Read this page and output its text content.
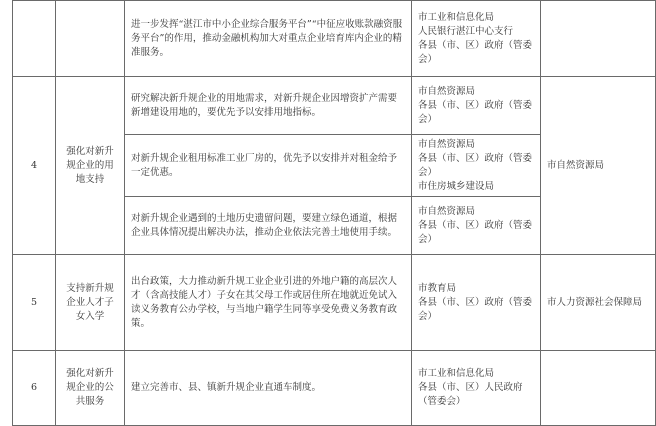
		进一步发挥“湛江市中小企业综合服务平台”“中征应收账款融资服务平台”的作用，推动金融机构加大对重点企业培育库内企业的精准服务。	市工业和信息化局
人民银行湛江中心支行
各县（市、区）政府（管委会）	
4	强化对新升规企业的用地支持	研究解决新升规企业的用地需求，对新升规企业因增资扩产需要新增建设用地的，要优先予以安排用地指标。	市自然资源局
各县（市、区）政府（管委会）	市自然资源局
		对新升规企业租用标准工业厂房的，优先予以安排并对租金给予一定优惠。	市自然资源局
各县（市、区）政府（管委会）
市住房城乡建设局	
		对新升规企业遇到的土地历史遗留问题，要建立绿色通道，根据企业具体情况提出解决办法，推动企业依法完善土地使用手续。	市自然资源局
各县（市、区）政府（管委会）	
5	支持新升规企业人才子女入学	出台政策，大力推动新升规工业企业引进的外地户籍的高层次人才（含高技能人才）子女在其父母工作或居住所在地就近免试入读义务教育公办学校，与当地户籍学生同等享受免费义务教育政策。	市教育局
各县（市、区）政府（管委会）	市人力资源社会保障局
6	强化对新升规企业的公共服务	建立完善市、县、镇新升规企业直通车制度。	市工业和信息化局
各县（市、区）人民政府（管委会）	
